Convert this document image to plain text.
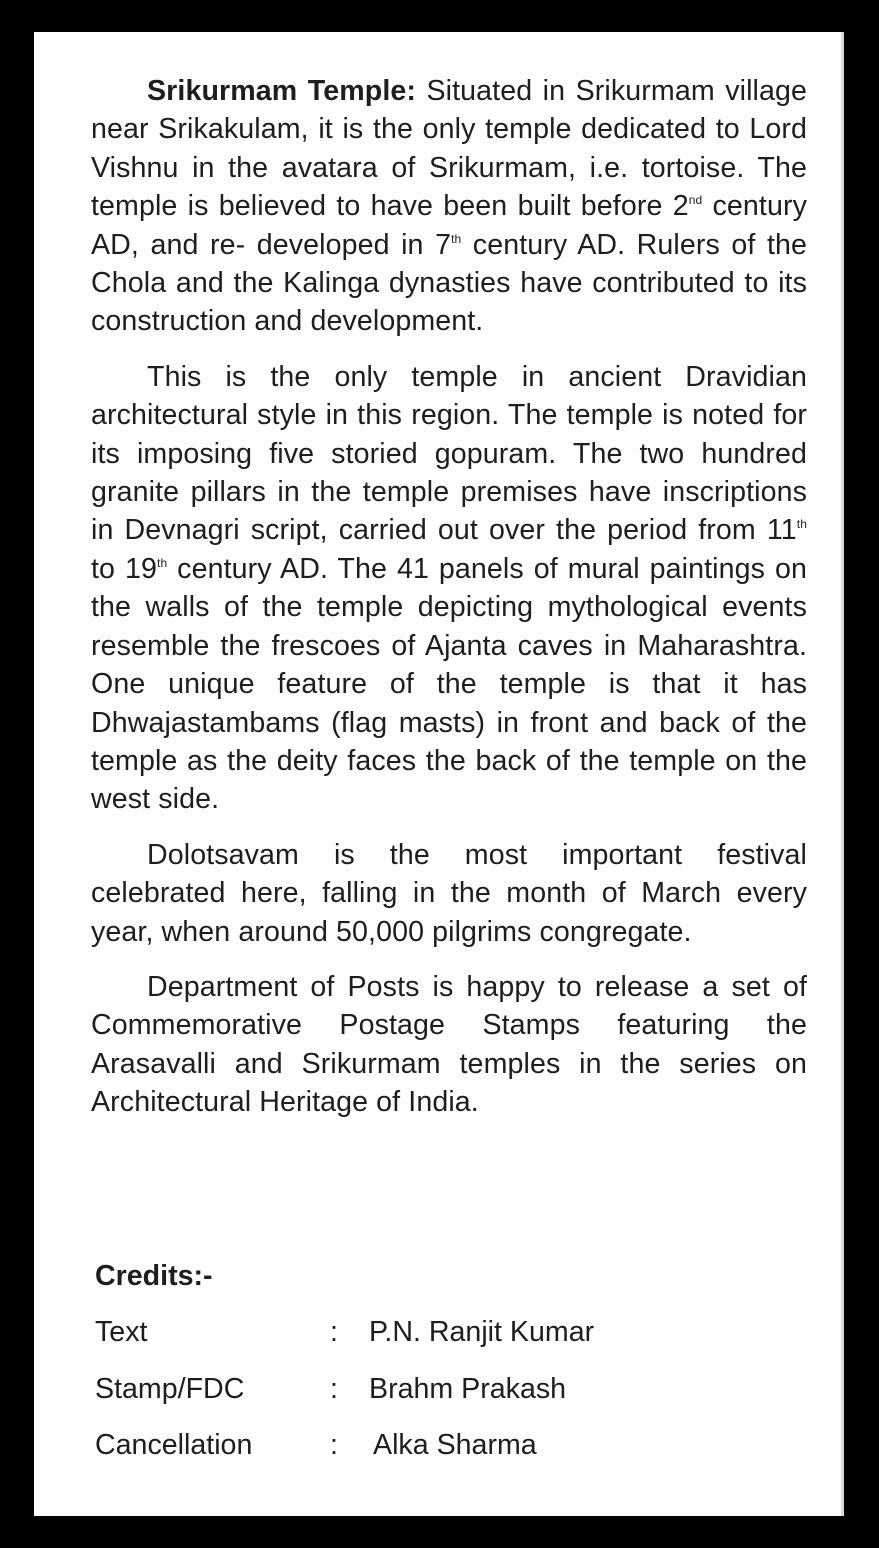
Srikurmam Temple: Situated in Srikurmam village near Srikakulam, it is the only temple dedicated to Lord Vishnu in the avatara of Srikurmam, i.e. tortoise. The temple is believed to have been built before 2nd century AD, and re- developed in 7th century AD. Rulers of the Chola and the Kalinga dynasties have contributed to its construction and development.

This is the only temple in ancient Dravidian architectural style in this region. The temple is noted for its imposing five storied gopuram. The two hundred granite pillars in the temple premises have inscriptions in Devnagri script, carried out over the period from 11th to 19th century AD. The 41 panels of mural paintings on the walls of the temple depicting mythological events resemble the frescoes of Ajanta caves in Maharashtra. One unique feature of the temple is that it has Dhwajastambams (flag masts) in front and back of the temple as the deity faces the back of the temple on the west side.

Dolotsavam is the most important festival celebrated here, falling in the month of March every year, when around 50,000 pilgrims congregate.

Department of Posts is happy to release a set of Commemorative Postage Stamps featuring the Arasavalli and Srikurmam temples in the series on Architectural Heritage of India.

Credits:-
Text	: P.N. Ranjit Kumar
Stamp/FDC	: Brahm Prakash
Cancellation	: Alka Sharma
